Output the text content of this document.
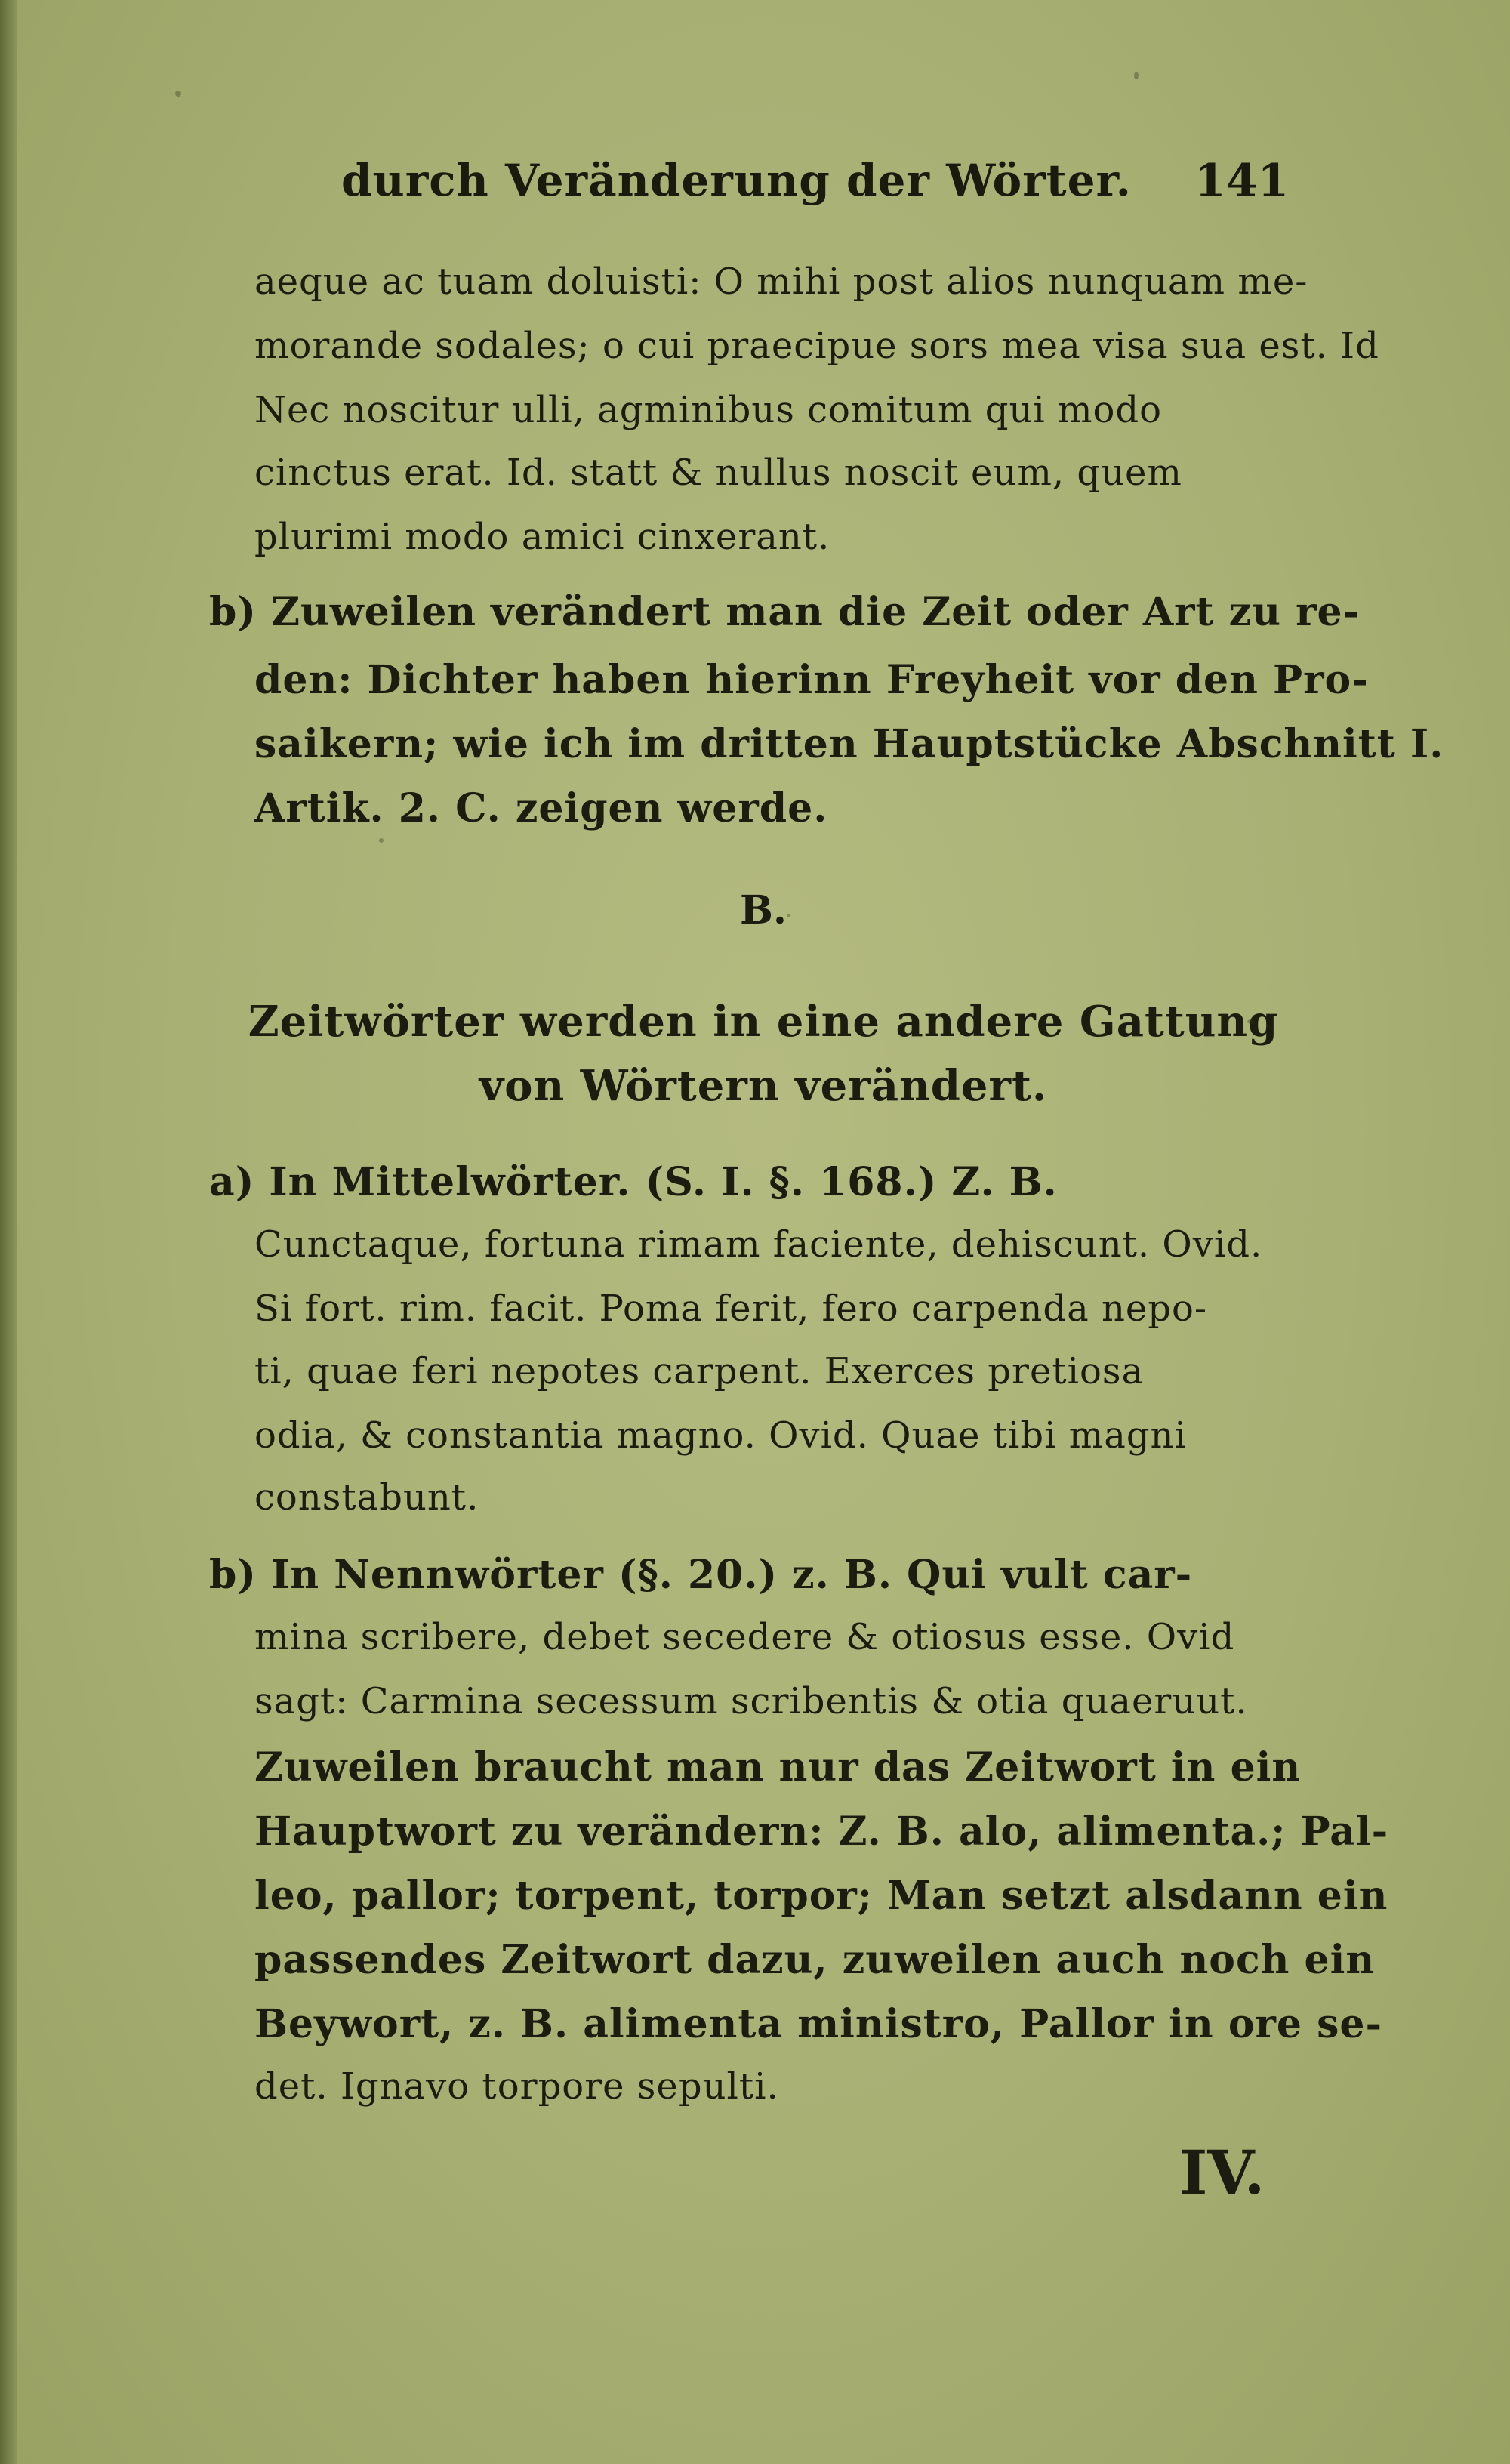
durch Veränderung der Wörter. 141
aeque ac tuam doluisti: O mihi post alios nunquam me-
morande sodales; o cui praecipue sors mea visa sua est. Id
Nec noscitur ulli, agminibus comitum qui modo
cinctus erat. Id. statt & nullus noscit eum, quem
plurimi modo amici cinxerant.
b) Zuweilen verändert man die Zeit oder Art zu re-
den: Dichter haben hierinn Freyheit vor den Pro-
saikern; wie ich im dritten Hauptstücke Abschnitt I.
Artik. 2. C. zeigen werde.
B.
Zeitwörter werden in eine andere Gattung
von Wörtern verändert.
a) In Mittelwörter. (S. I. §. 168.) Z. B.
Cunctaque, fortuna rimam faciente, dehiscunt. Ovid.
Si fort. rim. facit. Poma ferit, fero carpenda nepo-
ti, quae feri nepotes carpent. Exerces pretiosa
odia, & constantia magno. Ovid. Quae tibi magni
constabunt.
b) In Nennwörter (§. 20.) z. B. Qui vult car-
mina scribere, debet secedere & otiosus esse. Ovid
sagt: Carmina secessum scribentis & otia quaeruut.
Zuweilen braucht man nur das Zeitwort in ein
Hauptwort zu verändern: Z. B. alo, alimenta.; Pal-
leo, pallor; torpent, torpor; Man setzt alsdann ein
passendes Zeitwort dazu, zuweilen auch noch ein
Beywort, z. B. alimenta ministro, Pallor in ore se-
det. Ignavo torpore sepulti.
IV.
